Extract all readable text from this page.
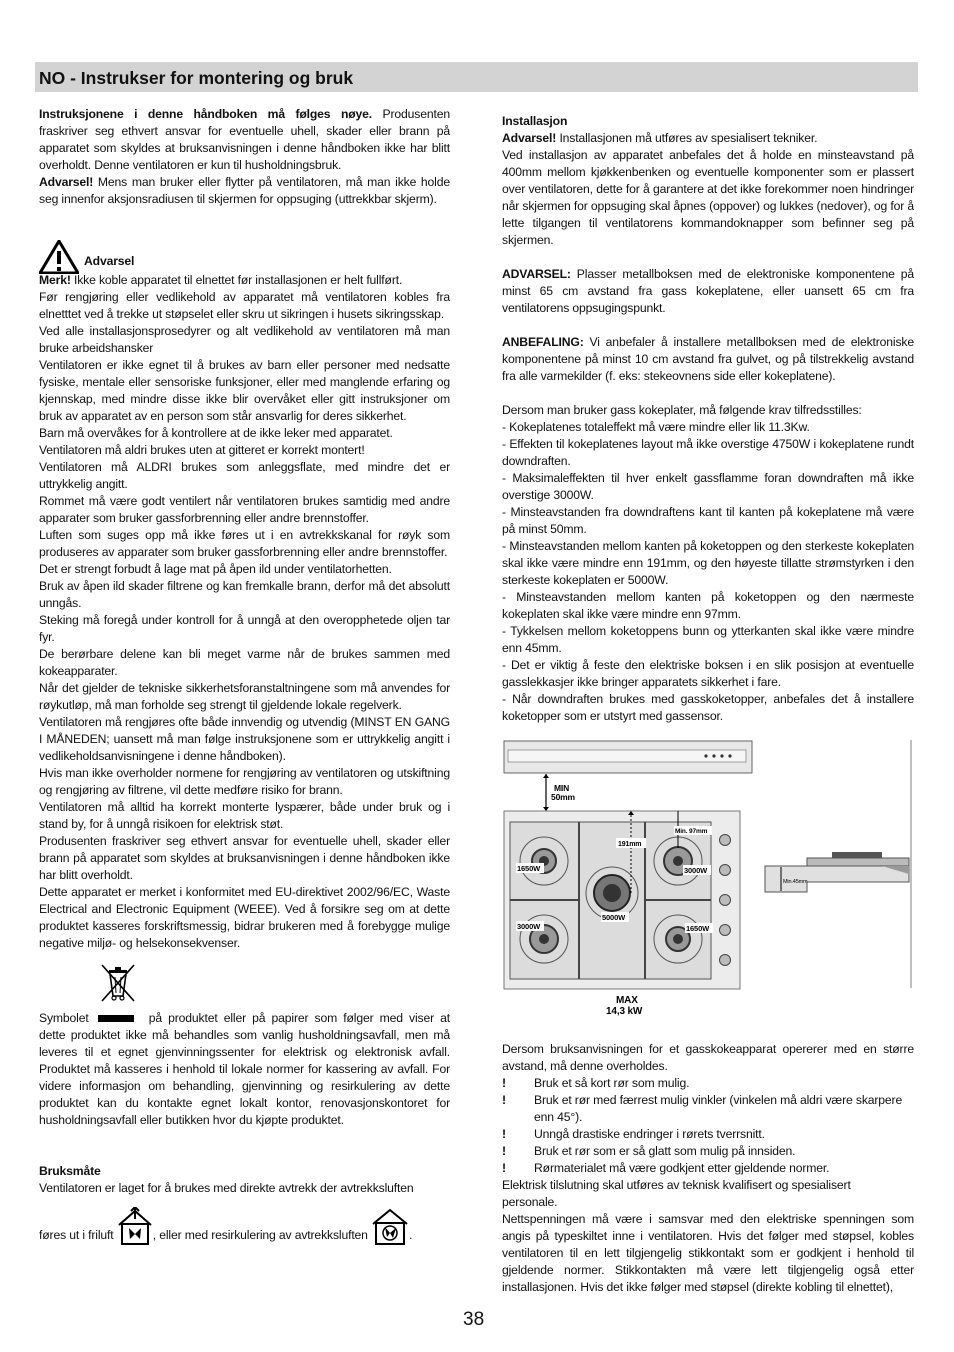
NO - Instrukser for montering og bruk

Instruksjonene i denne håndboken må følges nøye. Produsenten fraskriver seg ethvert ansvar for eventuelle uhell, skader eller brann på apparatet som skyldes at bruksanvisningen i denne håndboken ikke har blitt overholdt. Denne ventilatoren er kun til husholdningsbruk.

Advarsel! Mens man bruker eller flytter på ventilatoren, må man ikke holde seg innenfor aksjonsradiusen til skjermen for oppsuging (uttrekkbar skjerm).

Advarsel

Merk! Ikke koble apparatet til elnettet før installasjonen er helt fullført.

Før rengjøring eller vedlikehold av apparatet må ventilatoren kobles fra elnetttet ved å trekke ut støpselet eller skru ut sikringen i husets sikringsskap.

Ved alle installasjonsprosedyrer og alt vedlikehold av ventilatoren må man bruke arbeidshansker

Ventilatoren er ikke egnet til å brukes av barn eller personer med nedsatte fysiske, mentale eller sensoriske funksjoner, eller med manglende erfaring og kjennskap, med mindre disse ikke blir overvåket eller gitt instruksjoner om bruk av apparatet av en person som står ansvarlig for deres sikkerhet.

Barn må overvåkes for å kontrollere at de ikke leker med apparatet.

Ventilatoren må aldri brukes uten at gitteret er korrekt montert!

Ventilatoren må ALDRI brukes som anleggsflate, med mindre det er uttrykkelig angitt.

Rommet må være godt ventilert når ventilatoren brukes samtidig med andre apparater som bruker gassforbrenning eller andre brennstoffer.

Luften som suges opp må ikke føres ut i en avtrekkskanal for røyk som produseres av apparater som bruker gassforbrenning eller andre brennstoffer.

Det er strengt forbudt å lage mat på åpen ild under ventilatorhetten.

Bruk av åpen ild skader filtrene og kan fremkalle brann, derfor må det absolutt unngås.

Steking må foregå under kontroll for å unngå at den overopphetede oljen tar fyr.

De berørbare delene kan bli meget varme når de brukes sammen med kokeapparater.

Når det gjelder de tekniske sikkerhetsforanstaltningene som må anvendes for røykutløp, må man forholde seg strengt til gjeldende lokale regelverk.

Ventilatoren må rengjøres ofte både innvendig og utvendig (MINST EN GANG I MÅNEDEN; uansett må man følge instruksjonene som er uttrykkelig angitt i vedlikeholdsanvisningene i denne håndboken).

Hvis man ikke overholder normene for rengjøring av ventilatoren og utskiftning og rengjøring av filtrene, vil dette medføre risiko for brann.

Ventilatoren må alltid ha korrekt monterte lyspærer, både under bruk og i stand by, for å unngå risikoen for elektrisk støt.

Produsenten fraskriver seg ethvert ansvar for eventuelle uhell, skader eller brann på apparatet som skyldes at bruksanvisningen i denne håndboken ikke har blitt overholdt.

Dette apparatet er merket i konformitet med EU-direktivet 2002/96/EC, Waste Electrical and Electronic Equipment (WEEE). Ved å forsikre seg om at dette produktet kasseres forskriftsmessig, bidrar brukeren med å forebygge mulige negative miljø- og helsekonsekvenser.

Symbolet	på produktet eller på papirer som følger med viser at dette produktet ikke må behandles som vanlig husholdningsavfall, men må leveres til et egnet gjenvinningssenter for elektrisk og elektronisk avfall. Produktet må kasseres i henhold til lokale normer for kassering av avfall. For videre informasjon om behandling, gjenvinning og resirkulering av dette produktet kan du kontakte egnet lokalt kontor, renovasjonskontoret for husholdningsavfall eller butikken hvor du kjøpte produktet.

Bruksmåte

Ventilatoren er laget for å brukes med direkte avtrekk der avtrekksluften

føres ut i friluft	, eller med resirkulering av avtrekksluften	.

Installasjon

Advarsel! Installasjonen må utføres av spesialisert tekniker.

Ved installasjon av apparatet anbefales det å holde en minsteavstand på 400mm mellom kjøkkenbenken og eventuelle komponenter som er plassert over ventilatoren, dette for å garantere at det ikke forekommer noen hindringer når skjermen for oppsuging skal åpnes (oppover) og lukkes (nedover), og for å lette tilgangen til ventilatorens kommandoknapper som befinner seg på skjermen.

ADVARSEL: Plasser metallboksen med de elektroniske komponentene på minst 65 cm avstand fra gass kokeplatene, eller uansett 65 cm fra ventilatorens oppsugingspunkt.

ANBEFALING: Vi anbefaler å installere metallboksen med de elektroniske komponentene på minst 10 cm avstand fra gulvet, og på tilstrekkelig avstand fra alle varmekilder (f. eks: stekeovnens side eller kokeplatene).

Dersom man bruker gass kokeplater, må følgende krav tilfredsstilles:

- Kokeplatenes totaleffekt må være mindre eller lik 11.3Kw.

- Effekten til kokeplatenes layout må ikke overstige 4750W i kokeplatene rundt downdraften.

- Maksimaleffekten til hver enkelt gassflamme foran downdraften må ikke overstige 3000W.

- Minsteavstanden fra downdraftens kant til kanten på kokeplatene må være på minst 50mm.

- Minsteavstanden mellom kanten på koketoppen og den sterkeste kokeplaten skal ikke være mindre enn 191mm, og den høyeste tillatte strømstyrken i den sterkeste kokeplaten er 5000W.

- Minsteavstanden mellom kanten på koketoppen og den nærmeste kokeplaten skal ikke være mindre enn 97mm.

- Tykkelsen mellom koketoppens bunn og ytterkanten skal ikke være mindre enn 45mm.

- Det er viktig å feste den elektriske boksen i en slik posisjon at eventuelle gasslekkasjer ikke bringer apparatets sikkerhet i fare.

- Når downdraften brukes med gasskoketopper, anbefales det å installere koketopper som er utstyrt med gassensor.

MIN
50mm
191mm
Min. 97mm
1650W	3000W
3000W
5000W
1650W
MAX
14,3 kW
Min.45mm

Dersom bruksanvisningen for et gasskokeapparat opererer med en større avstand, må denne overholdes.

!	Bruk et så kort rør som mulig.
!	Bruk et rør med færrest mulig vinkler (vinkelen må aldri være skarpere enn 45°).
!	Unngå drastiske endringer i rørets tverrsnitt.
!	Bruk et rør som er så glatt som mulig på innsiden.
!	Rørmaterialet må være godkjent etter gjeldende normer.

Elektrisk tilslutning skal utføres av teknisk kvalifisert og spesialisert personale.

Nettspenningen må være i samsvar med den elektriske spenningen som angis på typeskiltet inne i ventilatoren. Hvis det følger med støpsel, kobles ventilatoren til en lett tilgjengelig stikkontakt som er godkjent i henhold til gjeldende normer. Stikkontakten må være lett tilgjengelig også etter installasjonen. Hvis det ikke følger med støpsel (direkte kobling til elnettet),

38
